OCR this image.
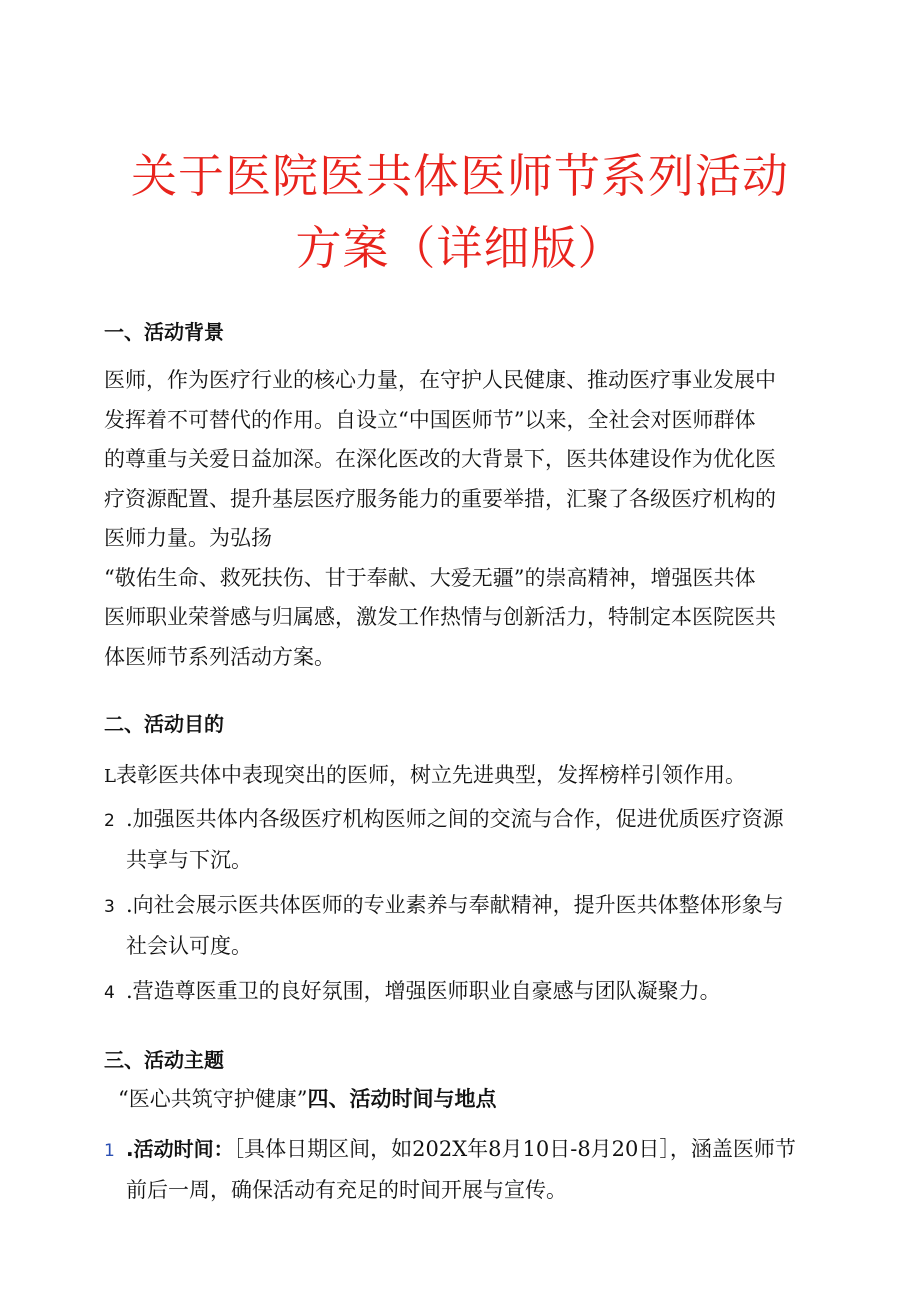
关于医院医共体医师节系列活动
方案（详细版）
一、活动背景
医师，作为医疗行业的核心力量，在守护人民健康、推动医疗事业发展中
发挥着不可替代的作用。自设立“中国医师节”以来，全社会对医师群体
的尊重与关爱日益加深。在深化医改的大背景下，医共体建设作为优化医
疗资源配置、提升基层医疗服务能力的重要举措，汇聚了各级医疗机构的
医师力量。为弘扬
“敬佑生命、救死扶伤、甘于奉献、大爱无疆”的崇高精神，增强医共体
医师职业荣誉感与归属感，激发工作热情与创新活力，特制定本医院医共
体医师节系列活动方案。
二、活动目的
L表彰医共体中表现突出的医师，树立先进典型，发挥榜样引领作用。
2 .加强医共体内各级医疗机构医师之间的交流与合作，促进优质医疗资源
共享与下沉。
3 .向社会展示医共体医师的专业素养与奉献精神，提升医共体整体形象与
社会认可度。
4 .营造尊医重卫的良好氛围，增强医师职业自豪感与团队凝聚力。
三、活动主题
“医心共筑守护健康”四、活动时间与地点
1 .活动时间：［具体日期区间，如202X年8月10日-8月20日］，涵盖医师节
前后一周，确保活动有充足的时间开展与宣传。
